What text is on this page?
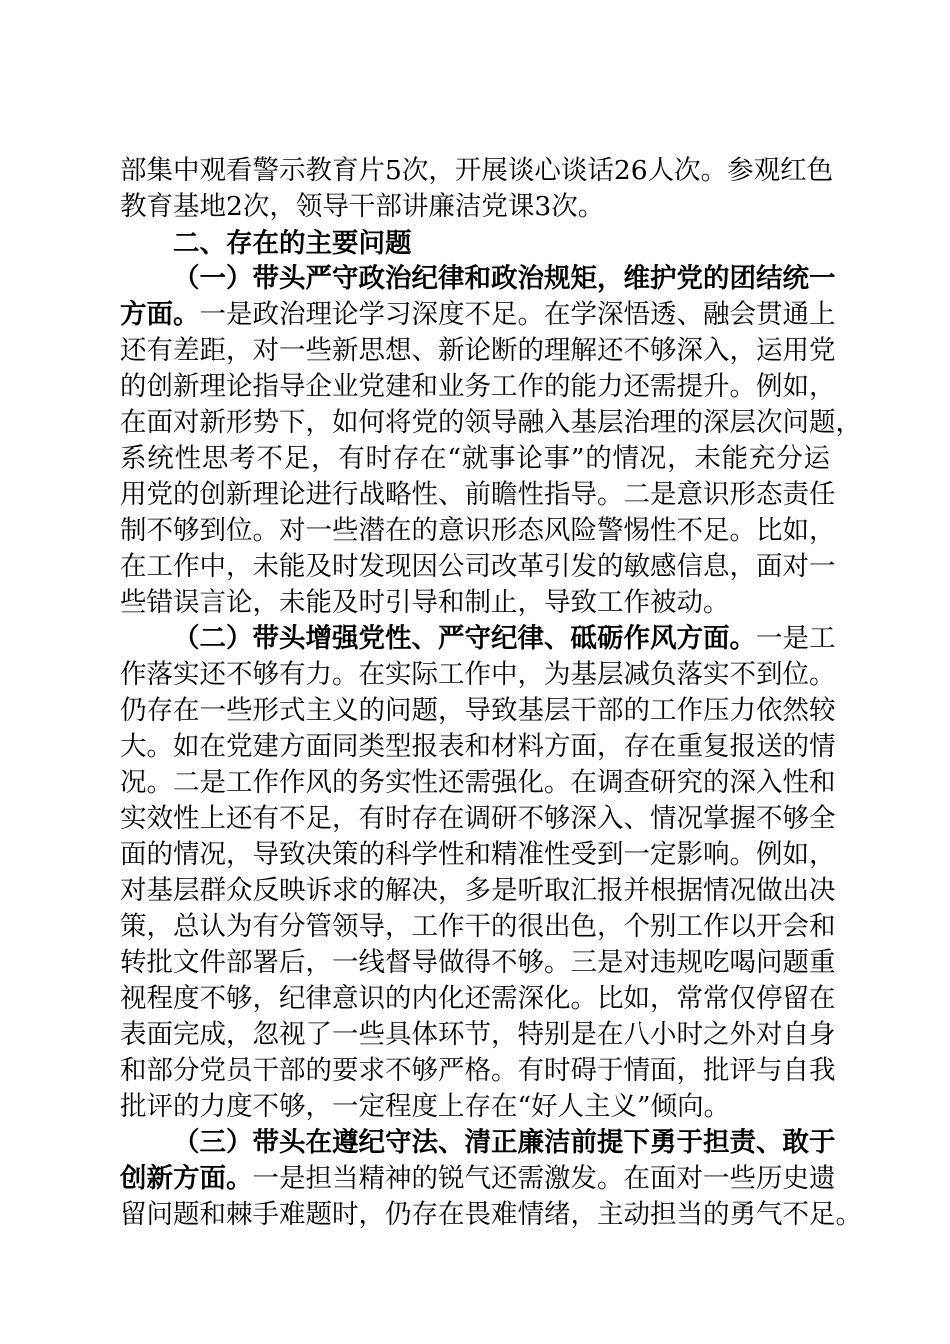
部集中观看警示教育片5次，开展谈心谈话26人次。参观红色
教育基地2次，领导干部讲廉洁党课3次。
二、存在的主要问题
（一）带头严守政治纪律和政治规矩，维护党的团结统一
方面。一是政治理论学习深度不足。在学深悟透、融会贯通上
还有差距，对一些新思想、新论断的理解还不够深入，运用党
的创新理论指导企业党建和业务工作的能力还需提升。例如，
在面对新形势下，如何将党的领导融入基层治理的深层次问题，
系统性思考不足，有时存在“就事论事”的情况，未能充分运
用党的创新理论进行战略性、前瞻性指导。二是意识形态责任
制不够到位。对一些潜在的意识形态风险警惕性不足。比如，
在工作中，未能及时发现因公司改革引发的敏感信息，面对一
些错误言论，未能及时引导和制止，导致工作被动。
（二）带头增强党性、严守纪律、砥砺作风方面。一是工
作落实还不够有力。在实际工作中，为基层减负落实不到位。
仍存在一些形式主义的问题，导致基层干部的工作压力依然较
大。如在党建方面同类型报表和材料方面，存在重复报送的情
况。二是工作作风的务实性还需强化。在调查研究的深入性和
实效性上还有不足，有时存在调研不够深入、情况掌握不够全
面的情况，导致决策的科学性和精准性受到一定影响。例如，
对基层群众反映诉求的解决，多是听取汇报并根据情况做出决
策，总认为有分管领导，工作干的很出色，个别工作以开会和
转批文件部署后，一线督导做得不够。三是对违规吃喝问题重
视程度不够，纪律意识的内化还需深化。比如，常常仅停留在
表面完成，忽视了一些具体环节，特别是在八小时之外对自身
和部分党员干部的要求不够严格。有时碍于情面，批评与自我
批评的力度不够，一定程度上存在“好人主义”倾向。
（三）带头在遵纪守法、清正廉洁前提下勇于担责、敢于
创新方面。一是担当精神的锐气还需激发。在面对一些历史遗
留问题和棘手难题时，仍存在畏难情绪，主动担当的勇气不足。
